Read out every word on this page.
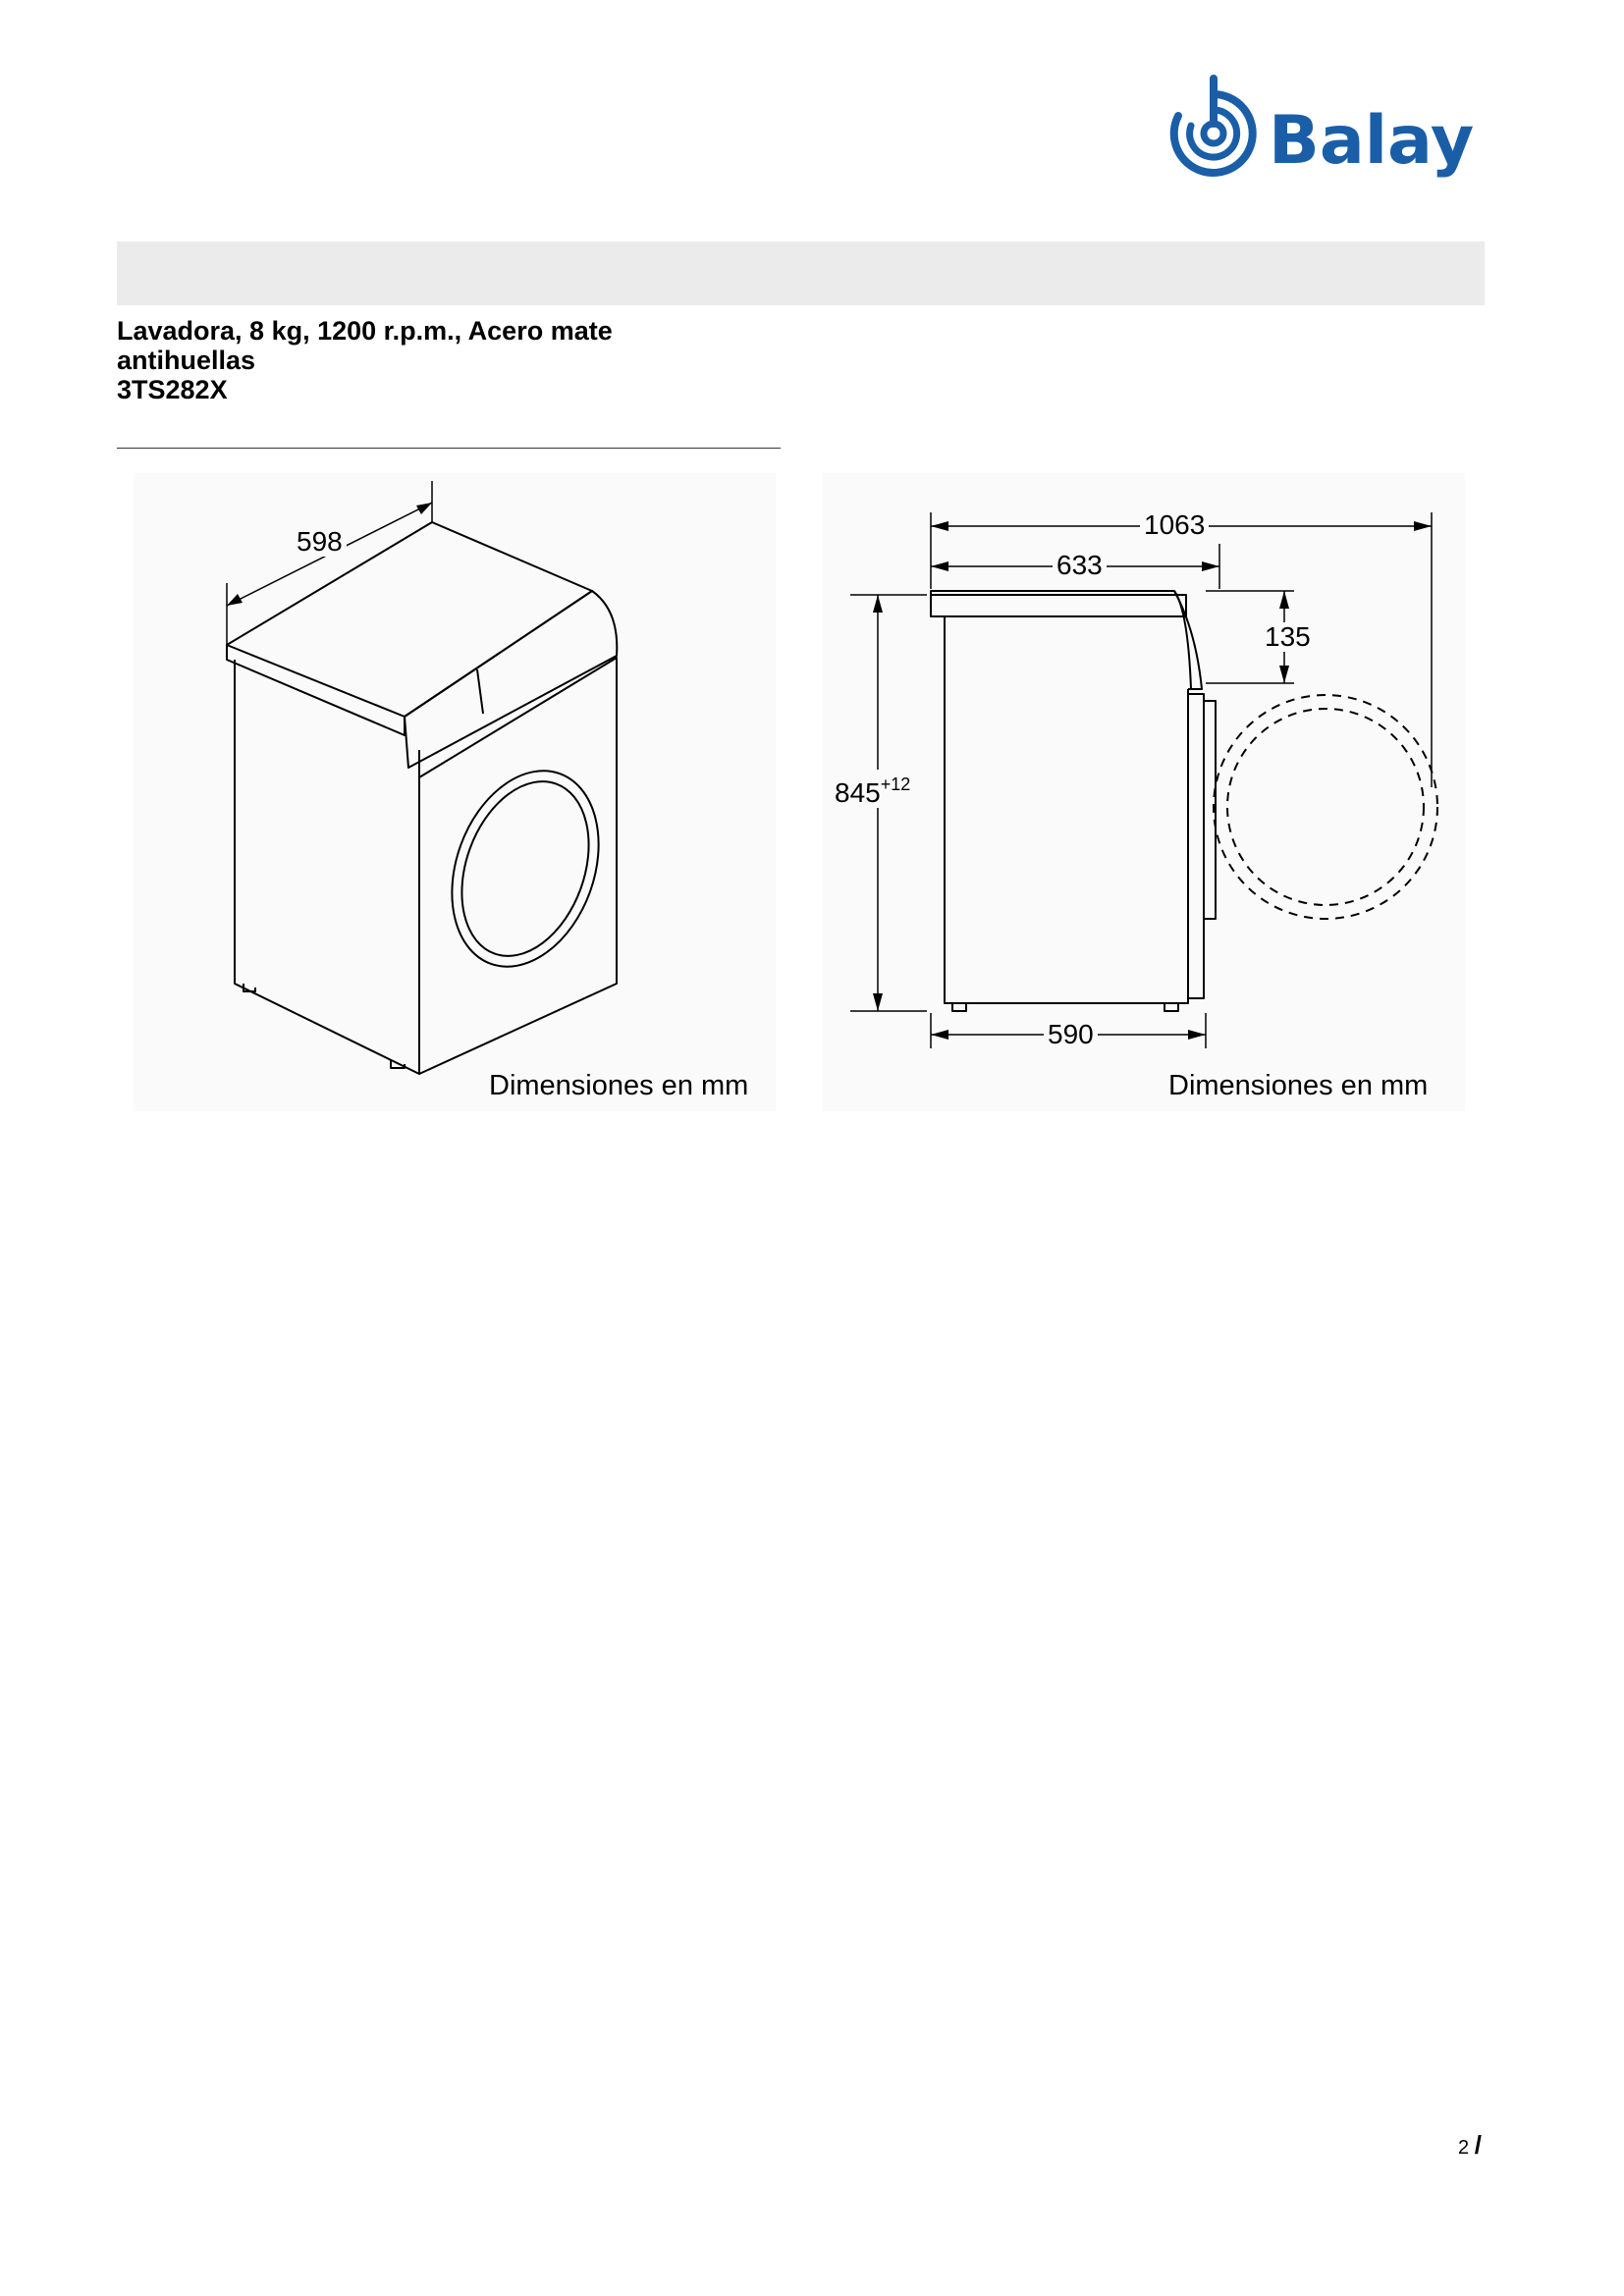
Balay
Lavadora, 8 kg, 1200 r.p.m., Acero mate
antihuellas
3TS282X
598
Dimensiones en mm
1063
633
135
$845^{+12}$
590
Dimensiones en mm
2 /
